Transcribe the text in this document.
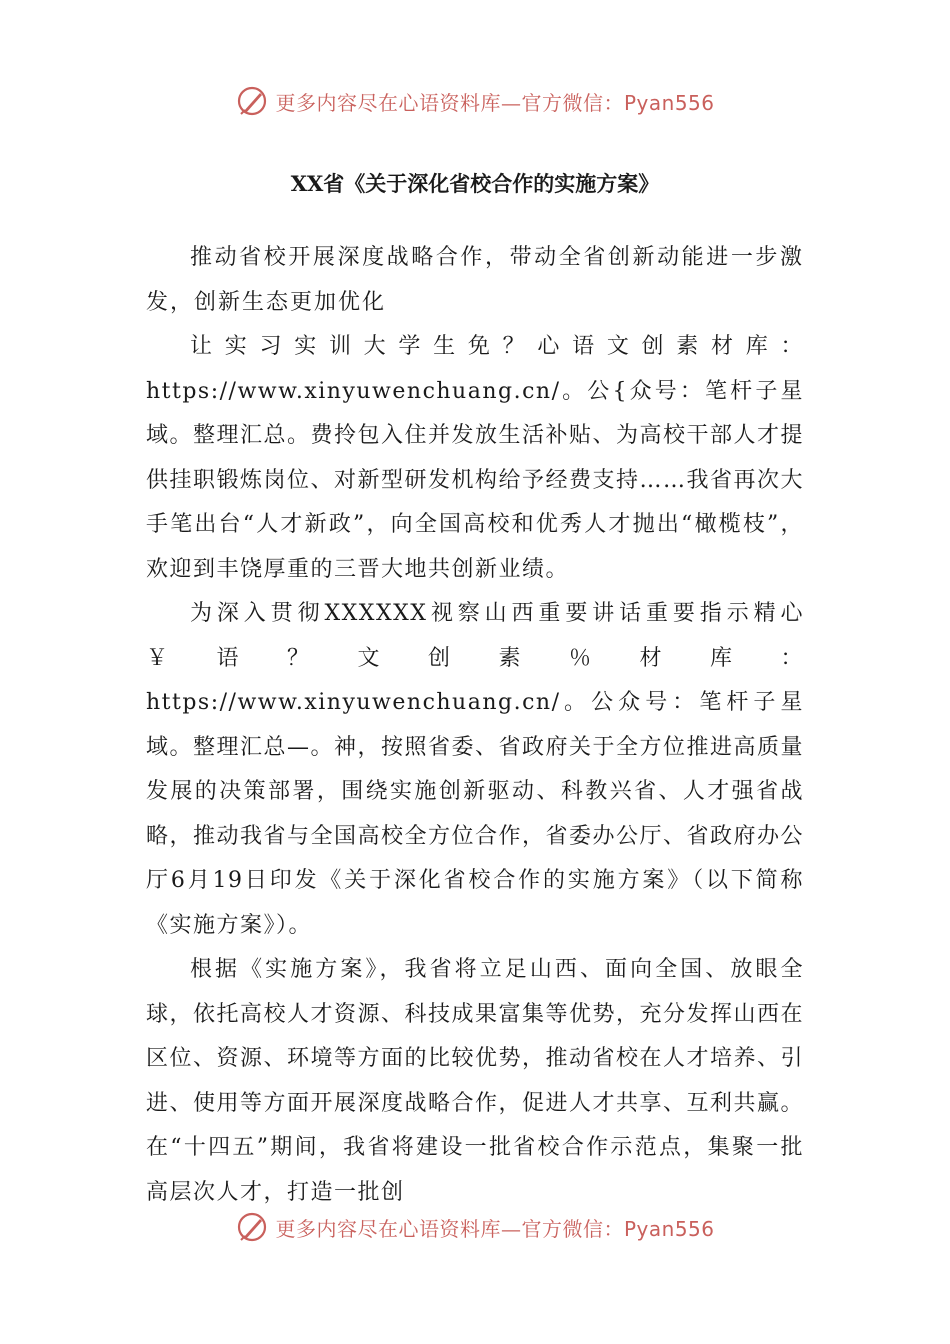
更多内容尽在心语资料库—官方微信：Pyan556
XX省《关于深化省校合作的实施方案》

推动省校开展深度战略合作，带动全省创新动能进一步激发，创新生态更加优化

让实习实训大学生免？心语文创素材库：https://www.xinyuwenchuang.cn/。公{众号：笔杆子星域。整理汇总。费拎包入住并发放生活补贴、为高校干部人才提供挂职锻炼岗位、对新型研发机构给予经费支持……我省再次大手笔出台“人才新政”，向全国高校和优秀人才抛出“橄榄枝”，欢迎到丰饶厚重的三晋大地共创新业绩。

为深入贯彻XXXXXX视察山西重要讲话重要指示精心￥语？文创素％材库：https://www.xinyuwenchuang.cn/。公众号：笔杆子星域。整理汇总—。神，按照省委、省政府关于全方位推进高质量发展的决策部署，围绕实施创新驱动、科教兴省、人才强省战略，推动我省与全国高校全方位合作，省委办公厅、省政府办公厅6月19日印发《关于深化省校合作的实施方案》（以下简称《实施方案》）。

根据《实施方案》，我省将立足山西、面向全国、放眼全球，依托高校人才资源、科技成果富集等优势，充分发挥山西在区位、资源、环境等方面的比较优势，推动省校在人才培养、引进、使用等方面开展深度战略合作，促进人才共享、互利共赢。在“十四五”期间，我省将建设一批省校合作示范点，集聚一批高层次人才，打造一批创

更多内容尽在心语资料库—官方微信：Pyan556
